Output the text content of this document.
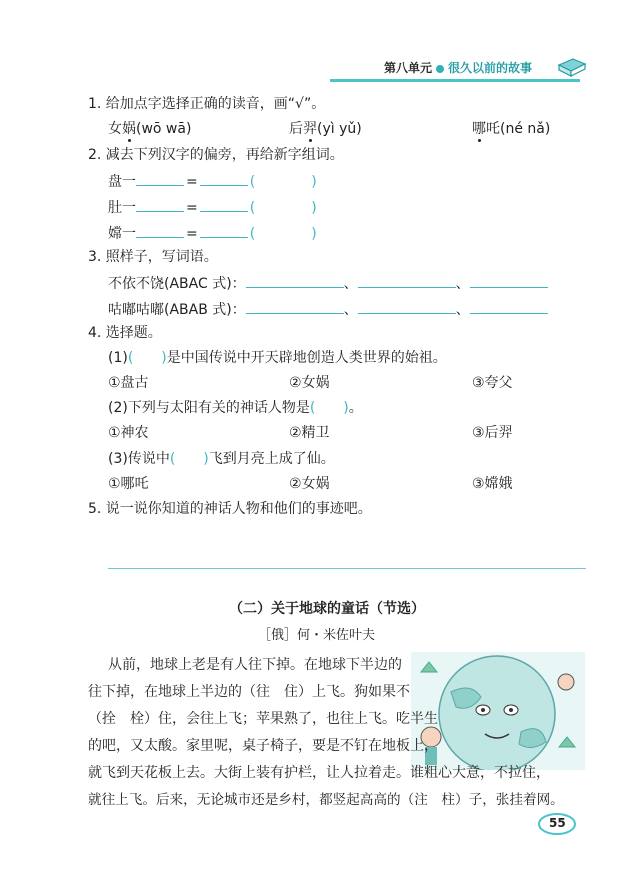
第八单元 很久以前的故事
1. 给加点字选择正确的读音，画“√”。
女娲(wō wā)	后羿(yì yǔ)	哪吒(né nǎ)
2. 减去下列汉字的偏旁，再给新字组词。
盘一	=	(　　　　)
肚一	=	(　　　　)
嫦一	=	(　　　　)
3. 照样子，写词语。
不依不饶(ABAC 式)：	、	、
咕嘟咕嘟(ABAB 式)：	、	、
4. 选择题。
(1)(　　)是中国传说中开天辟地创造人类世界的始祖。
①盘古	②女娲	③夸父
(2)下列与太阳有关的神话人物是(　　)。
①神农	②精卫	③后羿
(3)传说中(　　)飞到月亮上成了仙。
①哪吒	②女娲	③嫦娥
5. 说一说你知道的神话人物和他们的事迹吧。
（二）关于地球的童话（节选）
［俄］何・米佐叶夫
从前，地球上老是有人往下掉。在地球下半边的
往下掉，在地球上半边的（往　住）上飞。狗如果不
（拴　栓）住，会往上飞；苹果熟了，也往上飞。吃半生
的吧，又太酸。家里呢，桌子椅子，要是不钉在地板上，
就飞到天花板上去。大街上装有护栏，让人拉着走。谁粗心大意，不拉住，
就往上飞。后来，无论城市还是乡村，都竖起高高的（注　柱）子，张挂着网。
55
